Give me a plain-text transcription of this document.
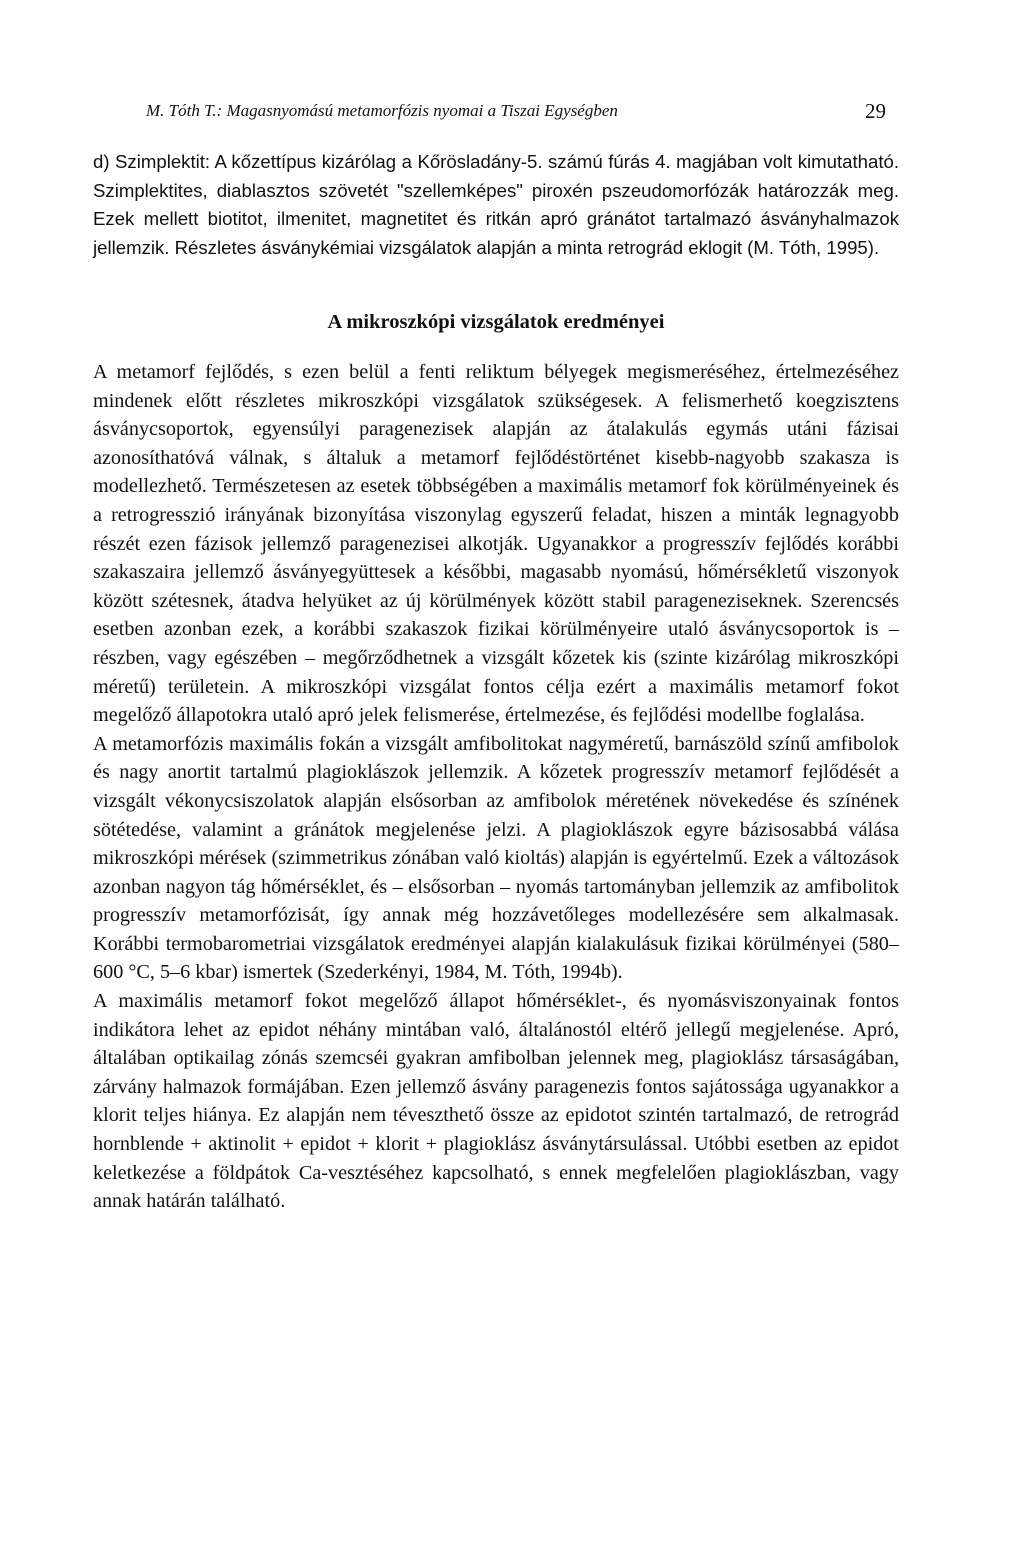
M. Tóth T.: Magasnyomású metamorfózis nyomai a Tiszai Egységben	29

d) Szimplektit: A kőzettípus kizárólag a Kőrösladány-5. számú fúrás 4. magjában volt kimutatható. Szimplektites, diablasztos szövetét "szellemképes" piroxén pszeudomorfózák határozzák meg. Ezek mellett biotitot, ilmenitet, magnetitet és ritkán apró gránátot tartalmazó ásványhalmazok jellemzik. Részletes ásványkémiai vizsgálatok alapján a minta retrográd eklogit (M. Tóth, 1995).

A mikroszkópi vizsgálatok eredményei

A metamorf fejlődés, s ezen belül a fenti reliktum bélyegek megismeréséhez, értelmezéséhez mindenek előtt részletes mikroszkópi vizsgálatok szükségesek. A felismerhető koegzisztens ásványcsoportok, egyensúlyi paragenezisek alapján az átalakulás egymás utáni fázisai azonosíthatóvá válnak, s általuk a metamorf fejlődéstörténet kisebb-nagyobb szakasza is modellezhető. Természetesen az esetek többségében a maximális metamorf fok körülményeinek és a retrogresszió irányának bizonyítása viszonylag egyszerű feladat, hiszen a minták legnagyobb részét ezen fázisok jellemző paragenezisei alkotják. Ugyanakkor a progresszív fejlődés korábbi szakaszaira jellemző ásványegyüttesek a későbbi, magasabb nyomású, hőmérsékletű viszonyok között szétesnek, átadva helyüket az új körülmények között stabil parageneziseknek. Szerencsés esetben azonban ezek, a korábbi szakaszok fizikai körülményeire utaló ásványcsoportok is – részben, vagy egészében – megőrződhetnek a vizsgált kőzetek kis (szinte kizárólag mikroszkópi méretű) területein. A mikroszkópi vizsgálat fontos célja ezért a maximális metamorf fokot megelőző állapotokra utaló apró jelek felismerése, értelmezése, és fejlődési modellbe foglalása.

A metamorfózis maximális fokán a vizsgált amfibolitokat nagyméretű, barnászöld színű amfibolok és nagy anortit tartalmú plagioklászok jellemzik. A kőzetek progresszív metamorf fejlődését a vizsgált vékonycsiszolatok alapján elsősorban az amfibolok méretének növekedése és színének sötétedése, valamint a gránátok megjelenése jelzi. A plagioklászok egyre bázisosabbá válása mikroszkópi mérések (szimmetrikus zónában való kioltás) alapján is egyértelmű. Ezek a változások azonban nagyon tág hőmérséklet, és – elsősorban – nyomás tartományban jellemzik az amfibolitok progresszív metamorfózisát, így annak még hozzávetőleges modellezésére sem alkalmasak. Korábbi termobarometriai vizsgálatok eredményei alapján kialakulásuk fizikai körülményei (580–600 °C, 5–6 kbar) ismertek (Szederkényi, 1984, M. Tóth, 1994b).

A maximális metamorf fokot megelőző állapot hőmérséklet-, és nyomásviszonyainak fontos indikátora lehet az epidot néhány mintában való, általánostól eltérő jellegű megjelenése. Apró, általában optikailag zónás szemcséi gyakran amfibolban jelennek meg, plagioklász társaságában, zárvány halmazok formájában. Ezen jellemző ásvány paragenezis fontos sajátossága ugyanakkor a klorit teljes hiánya. Ez alapján nem téveszthető össze az epidotot szintén tartalmazó, de retrográd hornblende + aktinolit + epidot + klorit + plagioklász ásványtársulással. Utóbbi esetben az epidot keletkezése a földpátok Ca-vesztéséhez kapcsolható, s ennek megfelelően plagioklászban, vagy annak határán található.
